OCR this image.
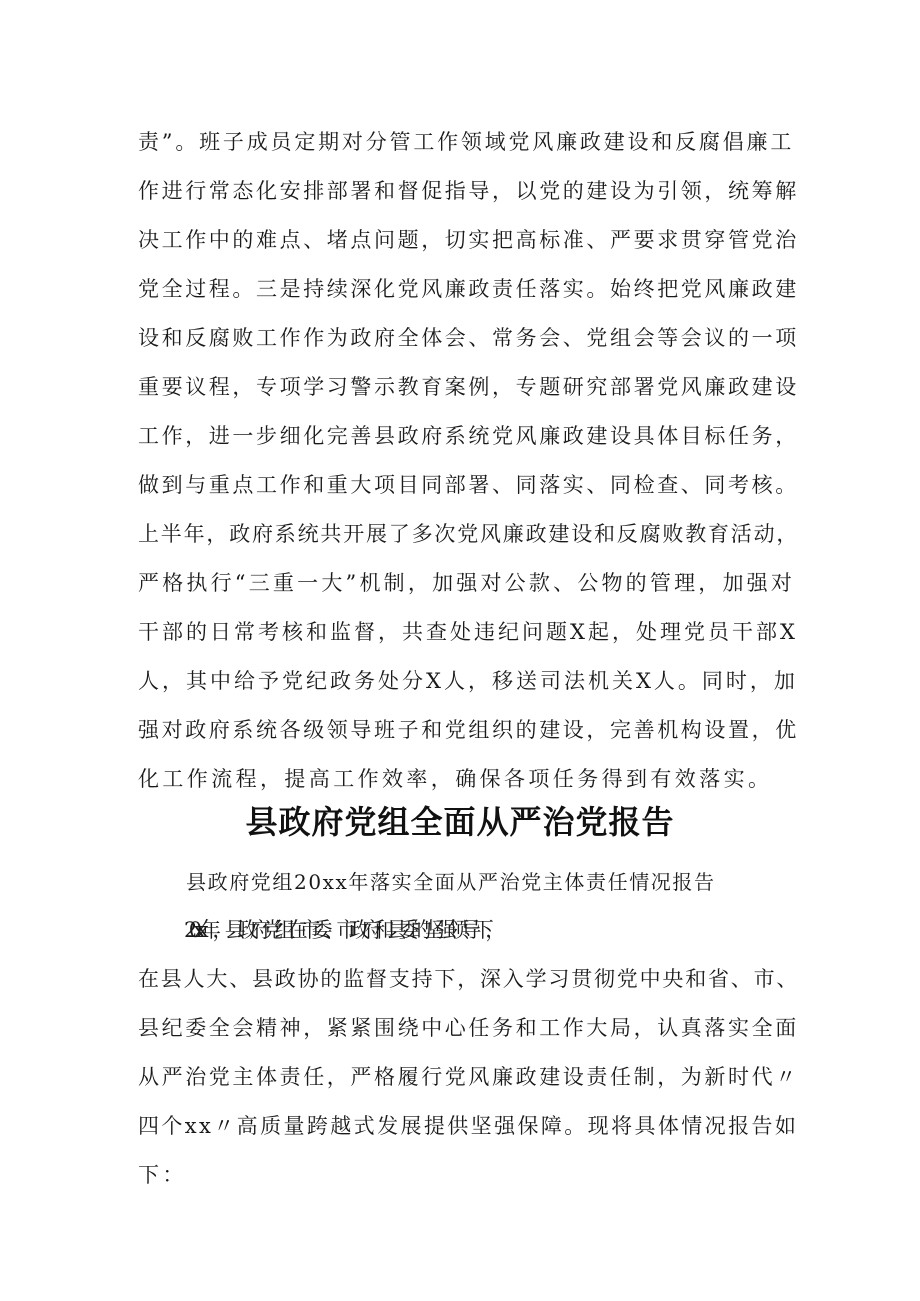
责”。班子成员定期对分管工作领域党风廉政建设和反腐倡廉工
作进行常态化安排部署和督促指导，以党的建设为引领，统筹解
决工作中的难点、堵点问题，切实把高标准、严要求贯穿管党治
党全过程。三是持续深化党风廉政责任落实。始终把党风廉政建
设和反腐败工作作为政府全体会、常务会、党组会等会议的一项
重要议程，专项学习警示教育案例，专题研究部署党风廉政建设
工作，进一步细化完善县政府系统党风廉政建设具体目标任务，
做到与重点工作和重大项目同部署、同落实、同检查、同考核。
上半年，政府系统共开展了多次党风廉政建设和反腐败教育活动，
严格执行“三重一大”机制，加强对公款、公物的管理，加强对
干部的日常考核和监督，共查处违纪问题X起，处理党员干部X
人，其中给予党纪政务处分X人，移送司法机关X人。同时，加
强对政府系统各级领导班子和党组织的建设，完善机构设置，优
化工作流程，提高工作效率，确保各项任务得到有效落实。
县政府党组全面从严治党报告

县政府党组20xx年落实全面从严治党主体责任情况报告

20xx年，县政府党组在市委、市政府和县委的坚强领导下，
在县人大、县政协的监督支持下，深入学习贯彻党中央和省、市、
县纪委全会精神，紧紧围绕中心任务和工作大局，认真落实全面
从严治党主体责任，严格履行党风廉政建设责任制，为新时代〃
四个xx〃高质量跨越式发展提供坚强保障。现将具体情况报告如
下：
